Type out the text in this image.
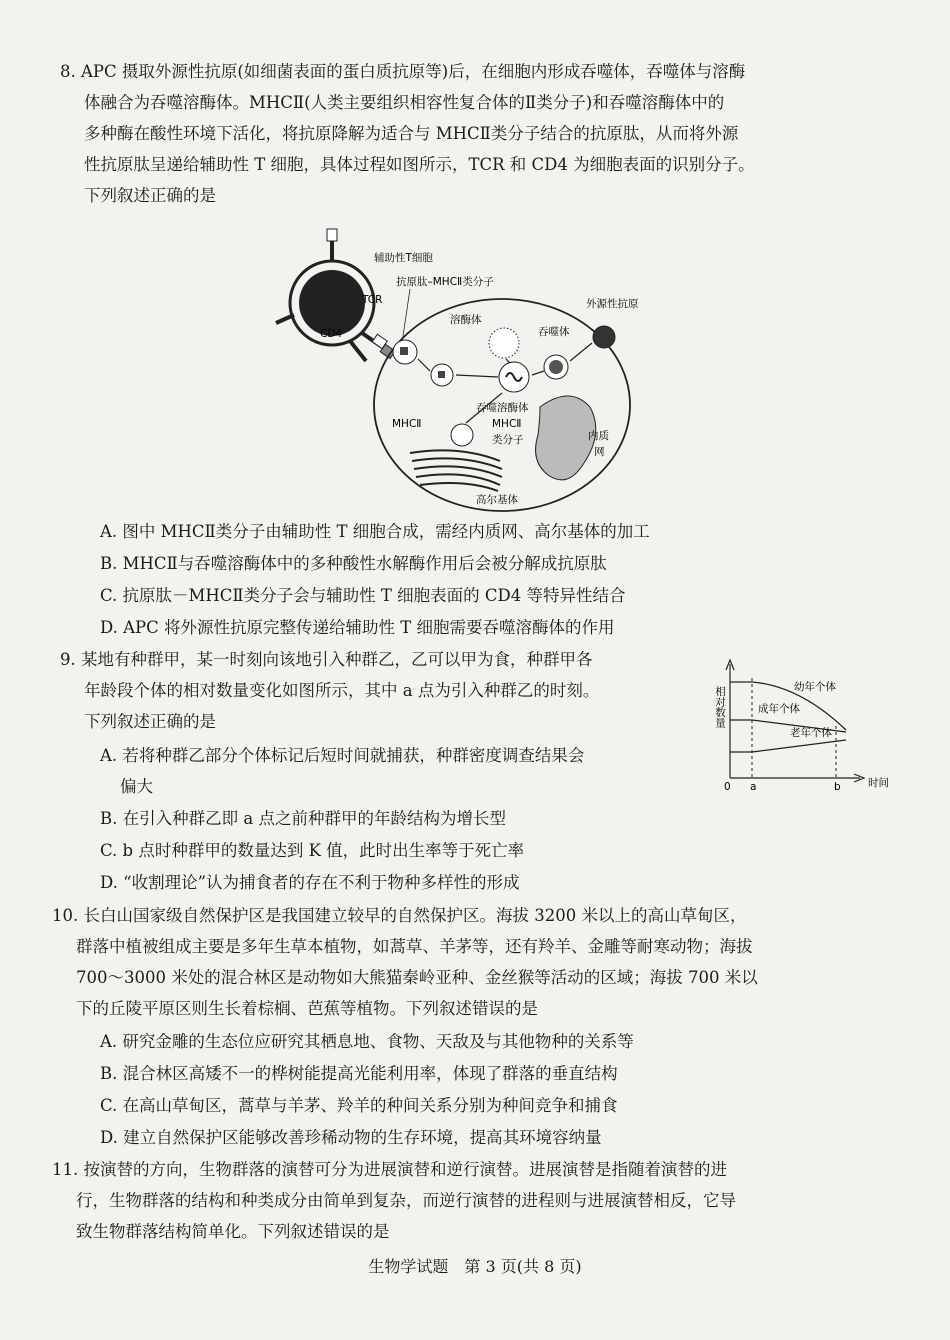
8. APC 摄取外源性抗原(如细菌表面的蛋白质抗原等)后，在细胞内形成吞噬体，吞噬体与溶酶

体融合为吞噬溶酶体。MHCⅡ(人类主要组织相容性复合体的Ⅱ类分子)和吞噬溶酶体中的

多种酶在酸性环境下活化，将抗原降解为适合与 MHCⅡ类分子结合的抗原肽，从而将外源

性抗原肽呈递给辅助性 T 细胞，具体过程如图所示，TCR 和 CD4 为细胞表面的识别分子。

下列叙述正确的是

辅助性T细胞
抗原肽–MHCⅡ类分子
TCR
CD4
溶酶体
吞噬体
外源性抗原
吞噬溶酶体
MHCⅡ	MHCⅡ
类分子	内质
网
高尔基体
A. 图中 MHCⅡ类分子由辅助性 T 细胞合成，需经内质网、高尔基体的加工
B. MHCⅡ与吞噬溶酶体中的多种酸性水解酶作用后会被分解成抗原肽
C. 抗原肽－MHCⅡ类分子会与辅助性 T 细胞表面的 CD4 等特异性结合
D. APC 将外源性抗原完整传递给辅助性 T 细胞需要吞噬溶酶体的作用

9. 某地有种群甲，某一时刻向该地引入种群乙，乙可以甲为食，种群甲各

年龄段个体的相对数量变化如图所示，其中 a 点为引入种群乙的时刻。

下列叙述正确的是	相对数量
时间
0 a	b
幼年个体
成年个体
老年个体
A. 若将种群乙部分个体标记后短时间就捕获，种群密度调查结果会
偏大
B. 在引入种群乙即 a 点之前种群甲的年龄结构为增长型
C. b 点时种群甲的数量达到 K 值，此时出生率等于死亡率
D. “收割理论”认为捕食者的存在不利于物种多样性的形成

10. 长白山国家级自然保护区是我国建立较早的自然保护区。海拔 3200 米以上的高山草甸区，

群落中植被组成主要是多年生草本植物，如蒿草、羊茅等，还有羚羊、金雕等耐寒动物；海拔

700～3000 米处的混合林区是动物如大熊猫秦岭亚种、金丝猴等活动的区域；海拔 700 米以

下的丘陵平原区则生长着棕榈、芭蕉等植物。下列叙述错误的是

A. 研究金雕的生态位应研究其栖息地、食物、天敌及与其他物种的关系等
B. 混合林区高矮不一的桦树能提高光能利用率，体现了群落的垂直结构
C. 在高山草甸区，蒿草与羊茅、羚羊的种间关系分别为种间竞争和捕食
D. 建立自然保护区能够改善珍稀动物的生存环境，提高其环境容纳量

11. 按演替的方向，生物群落的演替可分为进展演替和逆行演替。进展演替是指随着演替的进

行，生物群落的结构和种类成分由简单到复杂，而逆行演替的进程则与进展演替相反，它导

致生物群落结构简单化。下列叙述错误的是

生物学试题　第 3 页(共 8 页)
